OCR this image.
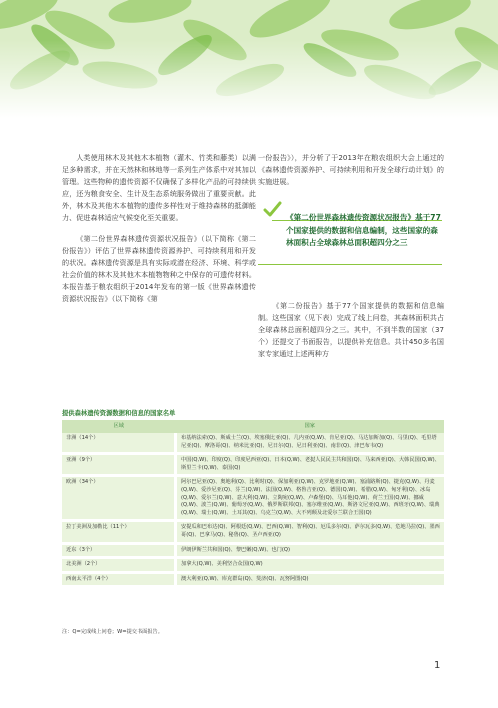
人类使用林木及其他木本植物（灌木、竹类和藤类）以满足多种需求，并在天然林和林地等一系列生产体系中对其加以管理。这些物种的遗传资源不仅确保了多样化产品的可持续供应，还为粮食安全、生计及生态系统服务做出了重要贡献。此外，林木及其他木本植物的遗传多样性对于维持森林的抵御能力、促进森林适应气候变化至关重要。

《第二份世界森林遗传资源状况报告》（以下简称《第二份报告》）评估了世界森林遗传资源养护、可持续利用和开发的状况。森林遗传资源是具有实际或潜在经济、环境、科学或社会价值的林木及其他木本植物物种之中保存的可遗传材料。本报告基于粮农组织于2014年发布的第一版《世界森林遗传资源状况报告》（以下简称《第

一份报告》），并分析了于2013年在粮农组织大会上通过的《森林遗传资源养护、可持续利用和开发全球行动计划》的实施进展。

《第二份世界森林遗传资源状况报告》基于77个国家提供的数据和信息编制，这些国家的森林面积占全球森林总面积超四分之三

《第二份报告》基于77个国家提供的数据和信息编制。这些国家（见下表）完成了线上问卷，其森林面积共占全球森林总面积超四分之三。其中，不到半数的国家（37个）还提交了书面报告，以提供补充信息。共计450多名国家专家通过上述两种方

提供森林遗传资源数据和信息的国家名单
区域	国家
非洲（14个）	布基纳法索(Q)、斯威士兰(Q)、埃塞俄比亚(Q)、几内亚(Q,W)、肯尼亚(Q)、马达加斯加(Q)、马里(Q)、毛里塔尼亚(Q)、摩洛哥(Q)、纳米比亚(Q)、尼日尔(Q)、尼日利亚(Q)、南非(Q)、津巴布韦(Q)
亚洲（9个）	中国(Q,W)、印度(Q)、印度尼西亚(Q)、日本(Q,W)、老挝人民民主共和国(Q)、马来西亚(Q)、大韩民国(Q,W)、斯里兰卡(Q,W)、泰国(Q)
欧洲（34个）	阿尔巴尼亚(Q)、奥地利(Q)、比利时(Q)、保加利亚(Q,W)、克罗地亚(Q,W)、塞浦路斯(Q)、捷克(Q,W)、丹麦(Q,W)、爱沙尼亚(Q)、芬兰(Q,W)、法国(Q,W)、格鲁吉亚(Q)、德国(Q,W)、希腊(Q,W)、匈牙利(Q)、冰岛(Q,W)、爱尔兰(Q,W)、意大利(Q,W)、立陶宛(Q,W)、卢森堡(Q)、马耳他(Q,W)、荷兰王国(Q,W)、挪威(Q,W)、波兰(Q,W)、葡萄牙(Q,W)、俄罗斯联邦(Q)、塞尔维亚(Q,W)、斯洛文尼亚(Q,W)、西班牙(Q,W)、瑞典(Q,W)、瑞士(Q,W)、土耳其(Q)、乌克兰(Q,W)、大不列颠及北爱尔兰联合王国(Q)
拉丁美洲及加勒比（11个）	安提瓜和巴布达(Q)、阿根廷(Q,W)、巴西(Q,W)、智利(Q)、厄瓜多尔(Q)、萨尔瓦多(Q,W)、危地马拉(Q)、墨西哥(Q)、巴拿马(Q)、秘鲁(Q)、圣卢西亚(Q)
近东（3个）	伊朗伊斯兰共和国(Q)、黎巴嫩(Q,W)、也门(Q)
北美洲（2个）	加拿大(Q,W)、美利坚合众国(Q,W)
西南太平洋（4个）	澳大利亚(Q,W)、库克群岛(Q)、斐济(Q)、瓦努阿图(Q)
注：Q=完成线上问卷；W=提交书面报告。
1
